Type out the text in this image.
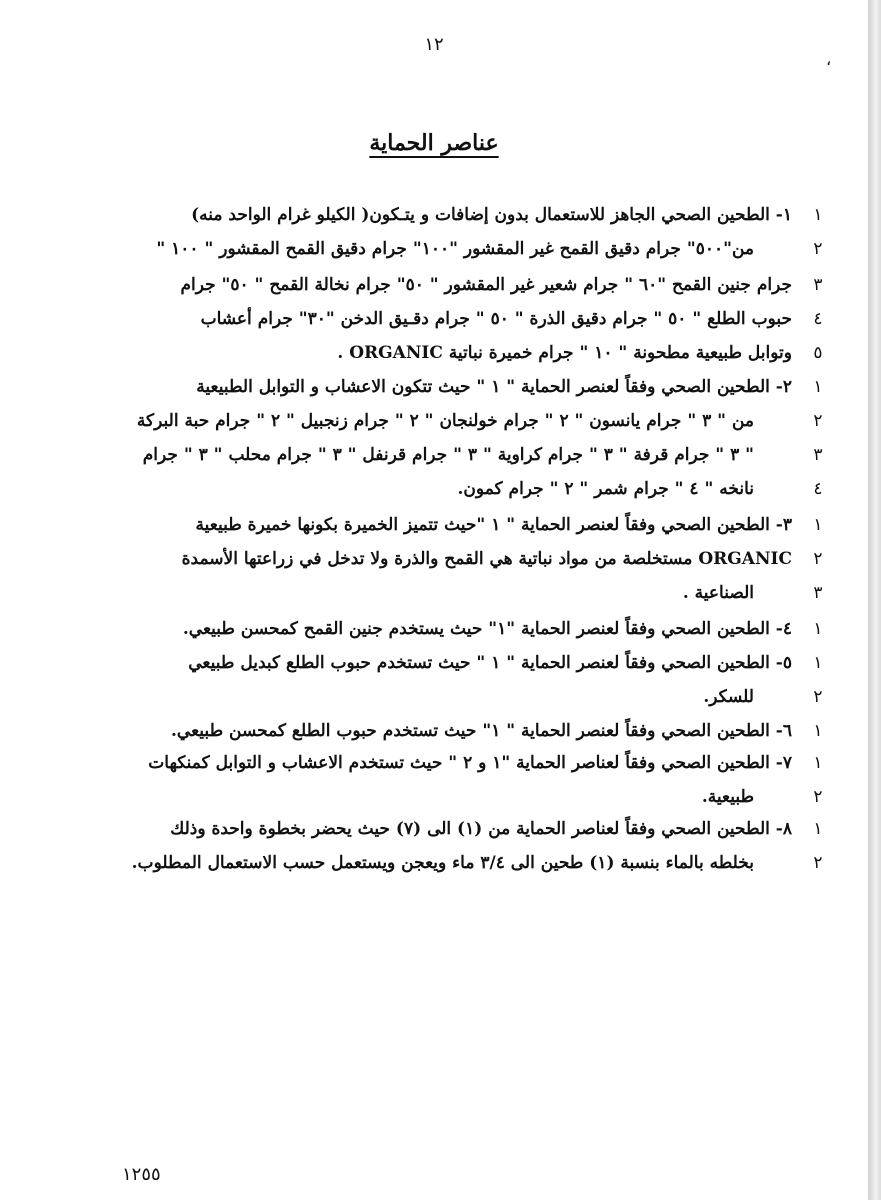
١٢
،
عناصر الحماية
١
١- الطحين الصحي الجاهز للاستعمال بدون إضافات و يتـكون( الكيلو غرام الواحد منه)
٢
من"٥٠٠" جرام دقيق القمح غير المقشور "١٠٠" جرام دقيق القمح المقشور " ١٠٠ "
٣
جرام جنين القمح "٦٠ " جرام شعير غير المقشور " ٥٠" جرام نخالة القمح " ٥٠" جرام
٤
حبوب الطلع " ٥٠ " جرام دقيق الذرة " ٥٠ " جرام دقـيق الدخن "٣٠" جرام أعشاب
٥
وتوابل طبيعية مطحونة " ١٠ " جرام خميرة نباتية ORGANIC .
١
٢- الطحين الصحي وفقاً لعنصر الحماية " ١ " حيث تتكون الاعشاب و التوابل الطبيعية
٢
من " ٣ " جرام يانسون " ٢ " جرام خولنجان " ٢ " جرام زنجبيل " ٢ " جرام حبة البركة
٣
" ٣ " جرام قرفة " ٣ " جرام كراوية " ٣ " جرام قرنفل " ٣ " جرام محلب " ٣ " جرام
٤
نانخه " ٤ " جرام شمر " ٢ " جرام كمون.
١
٣- الطحين الصحي وفقاً لعنصر الحماية " ١ "حيث تتميز الخميرة بكونها خميرة طبيعية
٢
ORGANIC مستخلصة من مواد نباتية هي القمح والذرة ولا تدخل في زراعتها الأسمدة
٣
الصناعية .
١
٤- الطحين الصحي وفقاً لعنصر الحماية "١" حيث يستخدم جنين القمح كمحسن طبيعي.
١
٥- الطحين الصحي وفقاً لعنصر الحماية " ١ " حيث تستخدم حبوب الطلع كبديل طبيعي
٢
للسكر.
١
٦- الطحين الصحي وفقاً لعنصر الحماية " ١" حيث تستخدم حبوب الطلع كمحسن طبيعي.
١
٧- الطحين الصحي وفقاً لعناصر الحماية "١ و ٢ " حيث تستخدم الاعشاب و التوابل كمنكهات
٢
طبيعية.
١
٨- الطحين الصحي وفقاً لعناصر الحماية من (١) الى (٧) حيث يحضر بخطوة واحدة وذلك
٢
بخلطه بالماء بنسبة (١) طحين الى ٣/٤ ماء ويعجن ويستعمل حسب الاستعمال المطلوب.
١٢٥٥
